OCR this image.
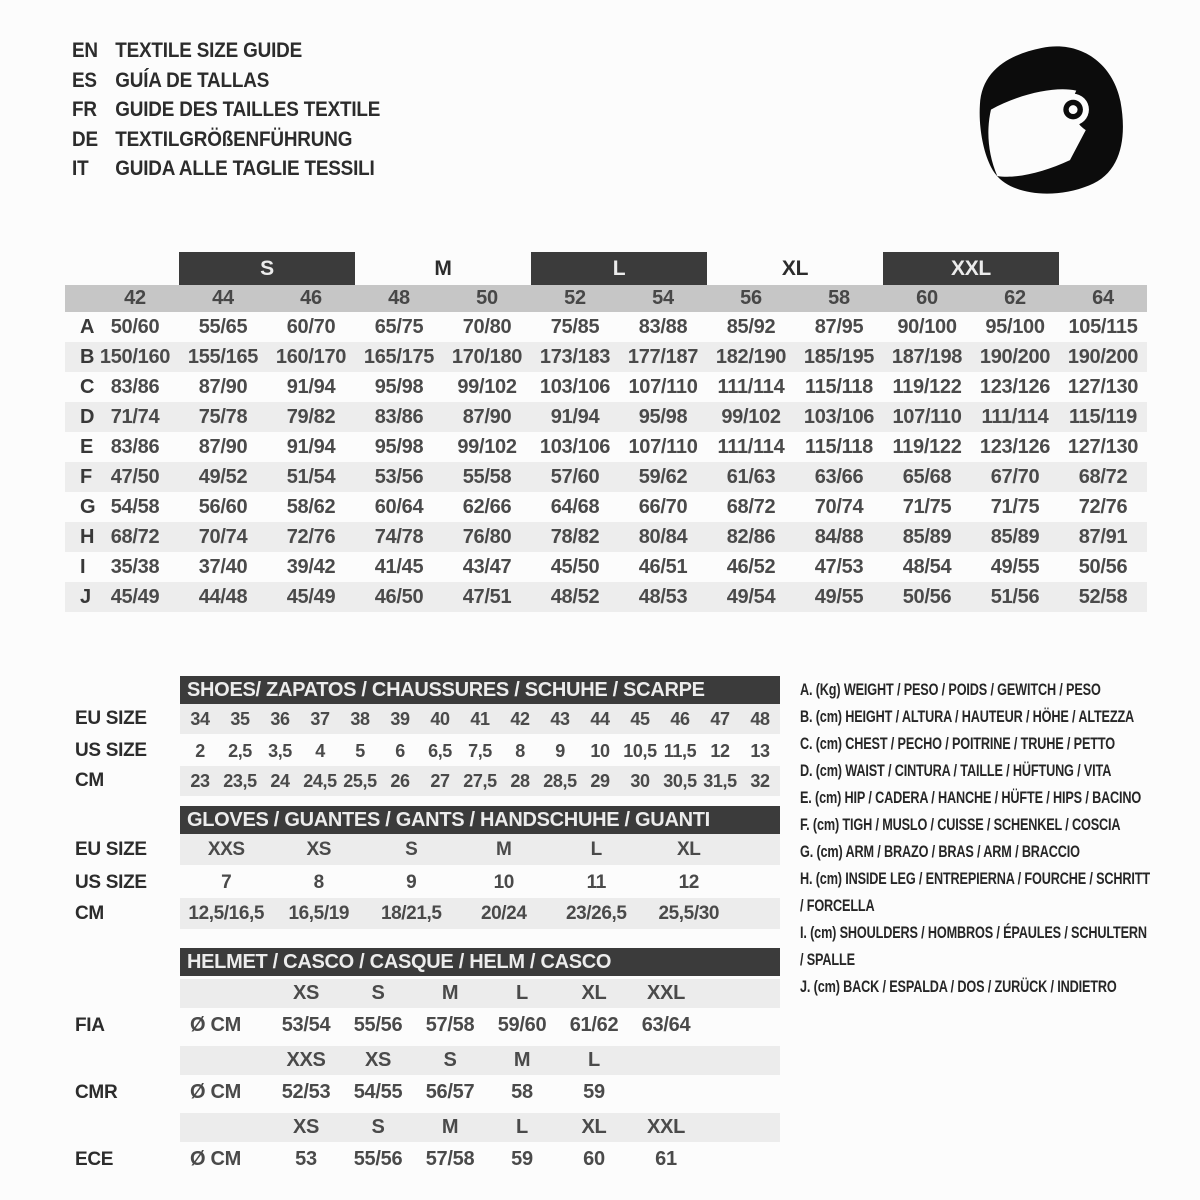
EN TEXTILE SIZE GUIDE
ES GUÍA DE TALLAS
FR GUIDE DES TAILLES TEXTILE
DE TEXTILGRÖßENFÜHRUNG
IT	GUIDA ALLE TAGLIE TESSILI
S	M	L	XL	XXL
42	44	46	48	50	52	54	56	58	60	62	64
A 50/60	55/65	60/70	65/75	70/80	75/85	83/88	85/92	87/95	90/100	95/100	105/115
B 150/160 155/165 160/170 165/175 170/180 173/183 177/187 182/190 185/195 187/198 190/200 190/200
C 83/86	87/90	91/94	95/98	99/102	103/106 107/110	111/114	115/118 119/122 123/126 127/130
D 71/74	75/78	79/82	83/86	87/90	91/94	95/98	99/102	103/106 107/110	111/114	115/119
E 83/86	87/90	91/94	95/98	99/102	103/106 107/110	111/114	115/118 119/122 123/126 127/130
F 47/50	49/52	51/54	53/56	55/58	57/60	59/62	61/63	63/66	65/68	67/70	68/72
G 54/58	56/60	58/62	60/64	62/66	64/68	66/70	68/72	70/74	71/75	71/75	72/76
H 68/72	70/74	72/76	74/78	76/80	78/82	80/84	82/86	84/88	85/89	85/89	87/91
I	35/38	37/40	39/42	41/45	43/47	45/50	46/51	46/52	47/53	48/54	49/55	50/56
J 45/49	44/48	45/49	46/50	47/51	48/52	48/53	49/54	49/55	50/56	51/56	52/58
SHOES/ ZAPATOS / CHAUSSURES / SCHUHE / SCARPE
EU SIZE	34	35	36	37	38	39	40	41	42	43	44	45	46	47	48
US SIZE	2	2,5 3,5	4	5	6	6,5 7,5	8	9	10 10,5 11,5 12	13
CM	23 23,5 24 24,5 25,5 26	27 27,5 28 28,5 29	30 30,5 31,5 32
GLOVES / GUANTES / GANTS / HANDSCHUHE / GUANTI
EU SIZE	XXS	XS	S	M	L	XL
US SIZE	7	8	9	10	11	12
CM	12,5/16,5	16,5/19	18/21,5	20/24	23/26,5	25,5/30
HELMET / CASCO / CASQUE / HELM / CASCO
XS	S	M	L	XL	XXL
FIA	Ø CM	53/54	55/56	57/58	59/60	61/62	63/64
XXS	XS	S	M	L
CMR	Ø CM	52/53	54/55	56/57	58	59
XS	S	M	L	XL	XXL
ECE	Ø CM	53	55/56	57/58	59	60	61
A. (Kg) WEIGHT / PESO / POIDS / GEWITCH / PESO
B. (cm) HEIGHT / ALTURA / HAUTEUR / HÖHE / ALTEZZA
C. (cm) CHEST / PECHO / POITRINE / TRUHE / PETTO
D. (cm) WAIST / CINTURA / TAILLE / HÜFTUNG / VITA
E. (cm) HIP / CADERA / HANCHE / HÜFTE / HIPS / BACINO
F. (cm) TIGH / MUSLO / CUISSE / SCHENKEL / COSCIA
G. (cm) ARM / BRAZO / BRAS / ARM / BRACCIO
H. (cm) INSIDE LEG / ENTREPIERNA / FOURCHE / SCHRITT / FORCELLA
I. (cm) SHOULDERS / HOMBROS / ÉPAULES / SCHULTERN / SPALLE
J. (cm) BACK / ESPALDA / DOS / ZURÜCK / INDIETRO
